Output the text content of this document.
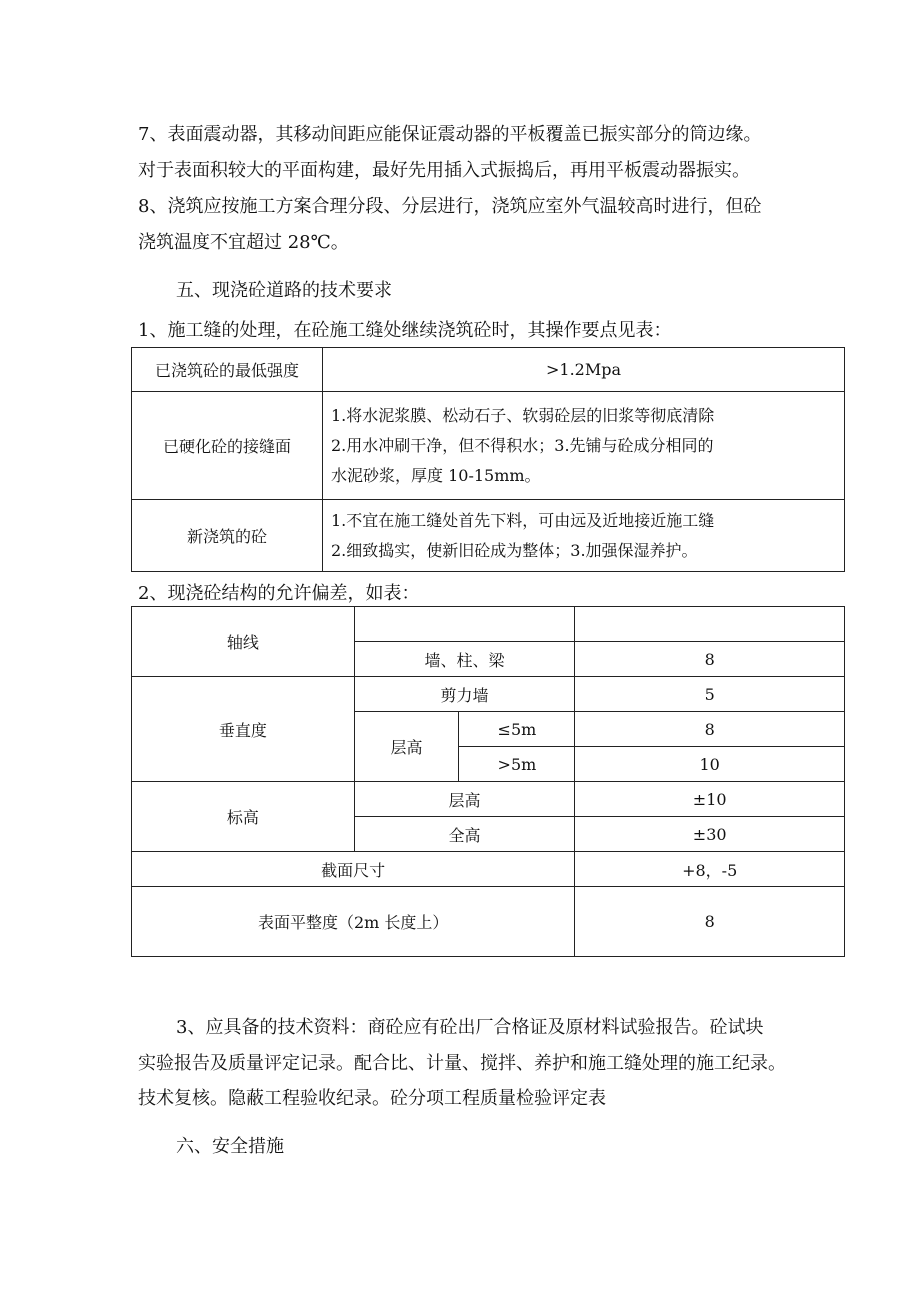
7、表面震动器，其移动间距应能保证震动器的平板覆盖已振实部分的筒边缘。
对于表面积较大的平面构建，最好先用插入式振捣后，再用平板震动器振实。
8、浇筑应按施工方案合理分段、分层进行，浇筑应室外气温较高时进行，但砼
浇筑温度不宜超过 28℃。
五、现浇砼道路的技术要求
1、施工缝的处理，在砼施工缝处继续浇筑砼时，其操作要点见表：
已浇筑砼的最低强度	>1.2Mpa
已硬化砼的接缝面	1.将水泥浆膜、松动石子、软弱砼层的旧浆等彻底清除
2.用水冲刷干净，但不得积水；3.先铺与砼成分相同的
水泥砂浆，厚度 10-15mm。

新浇筑的砼	1.不宜在施工缝处首先下料，可由远及近地接近施工缝
2.细致捣实，使新旧砼成为整体；3.加强保湿养护。
2、现浇砼结构的允许偏差，如表：
轴线			
	墙、柱、梁		8
垂直度	剪力墙		5
	层高	≤5m	8
		>5m	10
标高	层高		±10
	全高		±30
截面尺寸			+8，-5
表面平整度（2m 长度上）			8
3、应具备的技术资料：商砼应有砼出厂合格证及原材料试验报告。砼试块
实验报告及质量评定记录。配合比、计量、搅拌、养护和施工缝处理的施工纪录。
技术复核。隐蔽工程验收纪录。砼分项工程质量检验评定表
六、安全措施
